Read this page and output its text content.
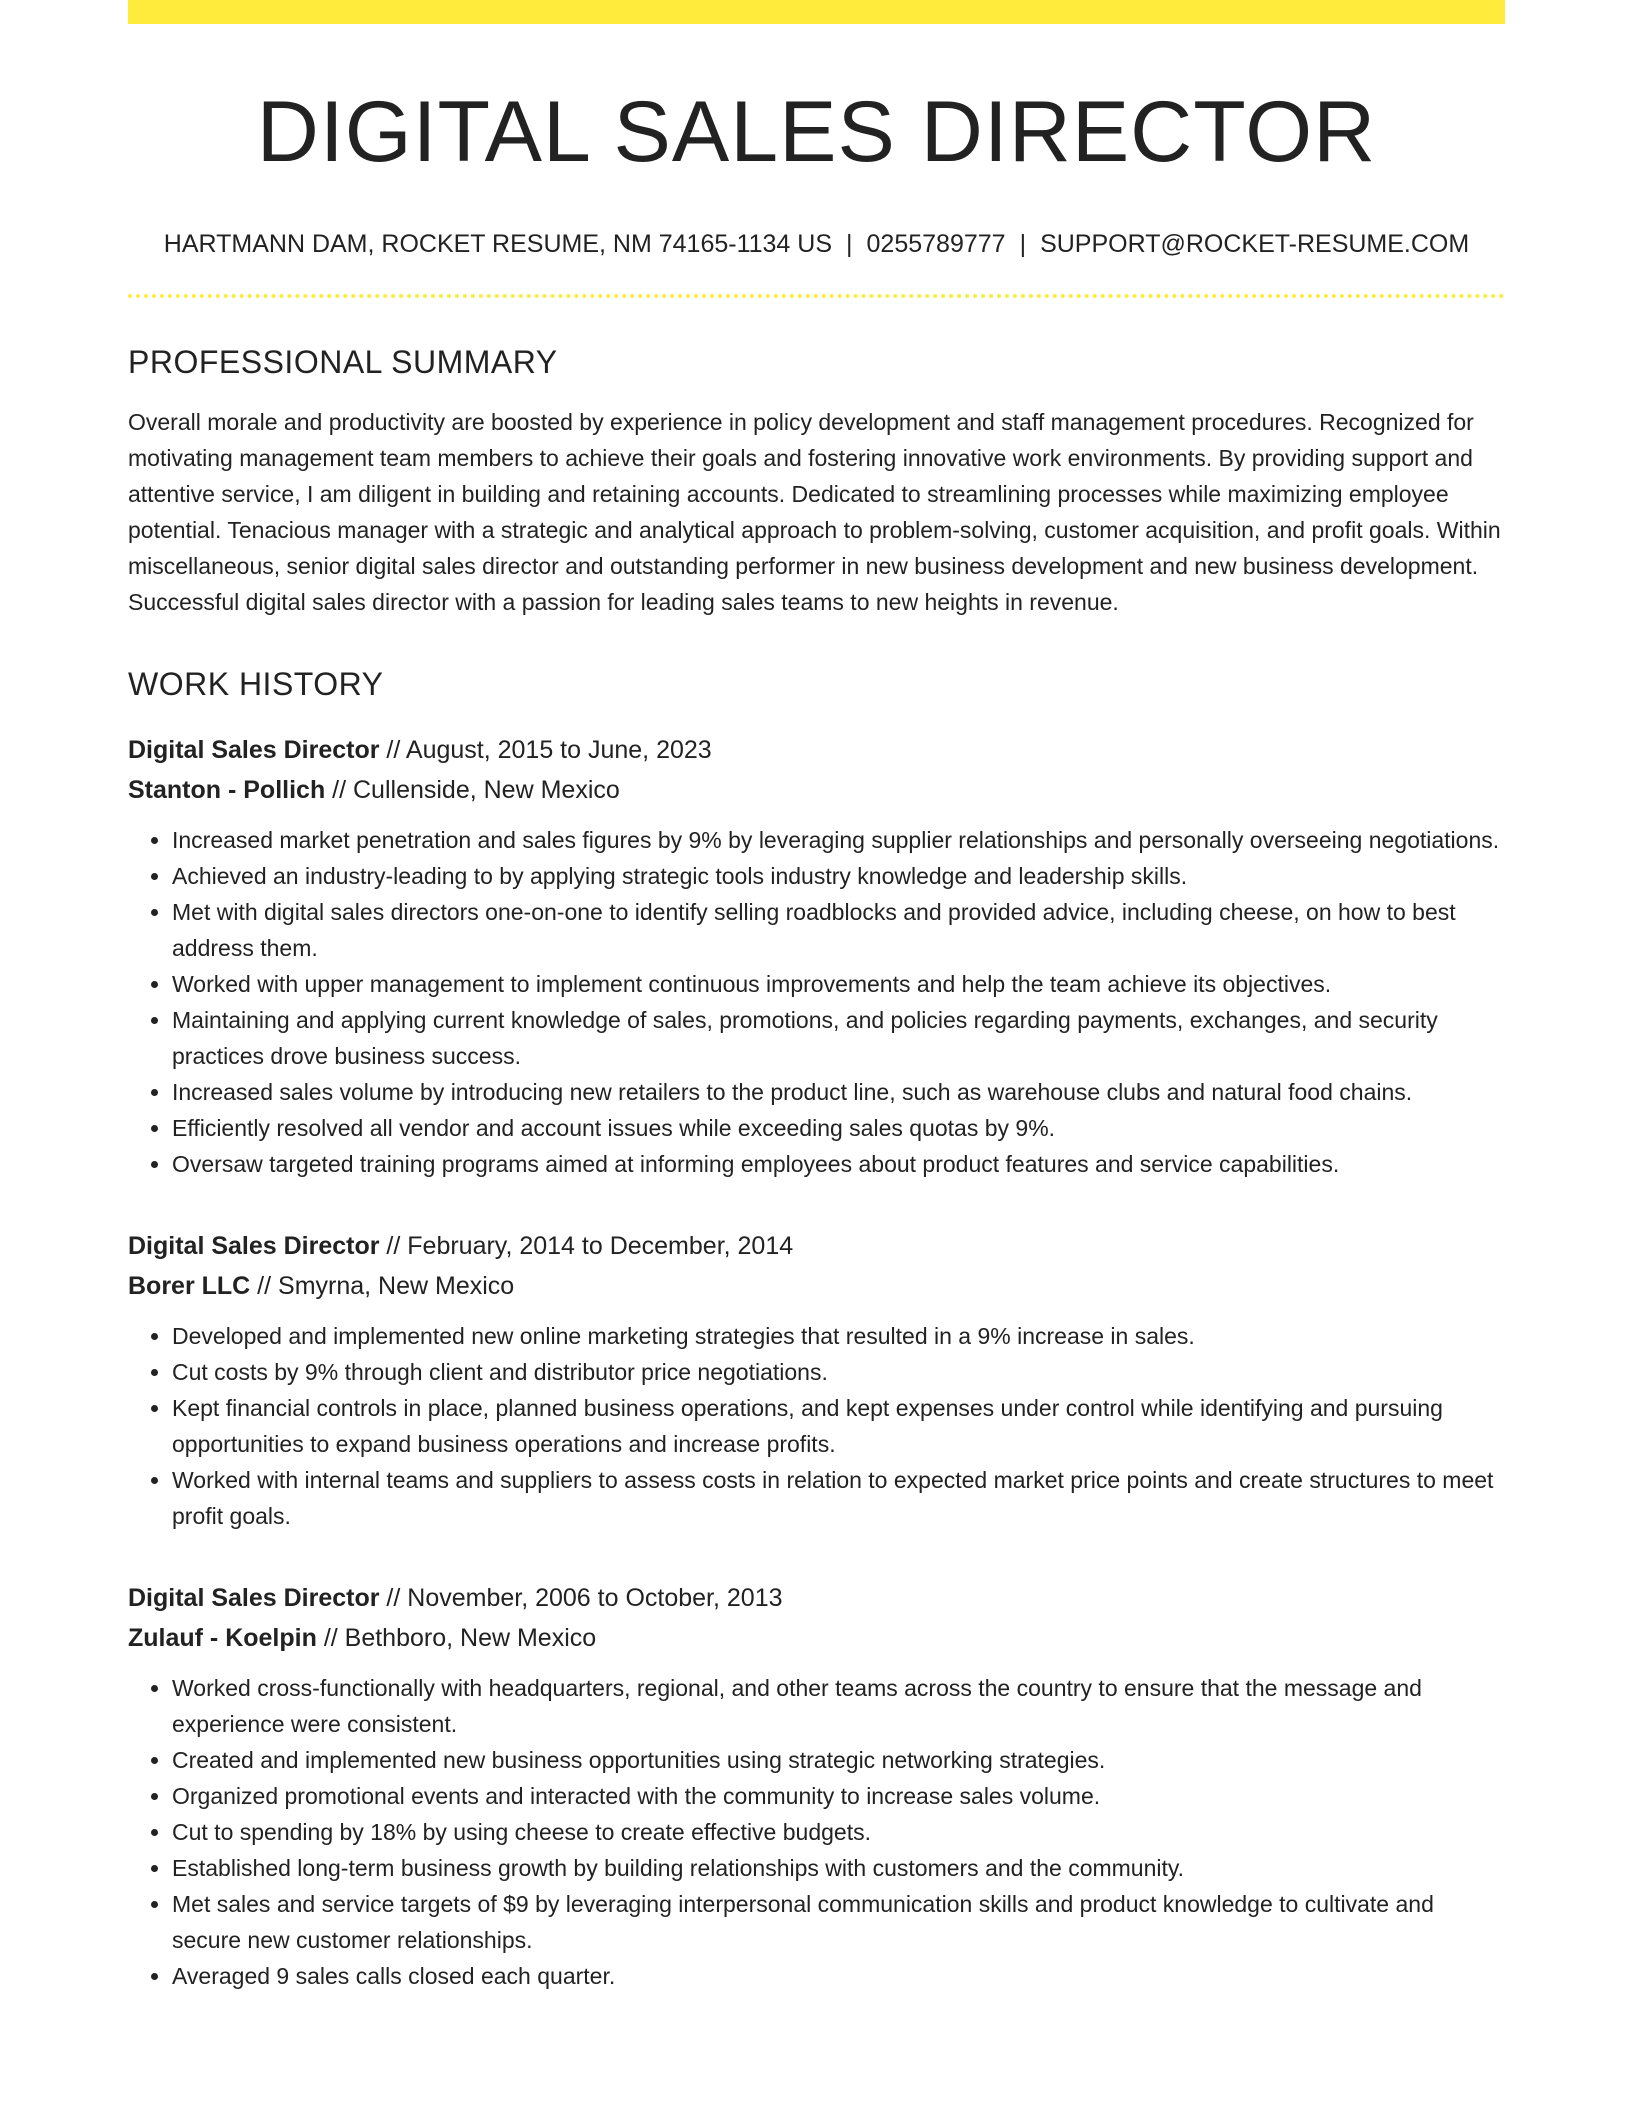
DIGITAL SALES DIRECTOR
HARTMANN DAM, ROCKET RESUME, NM 74165-1134 US | 0255789777 | SUPPORT@ROCKET-RESUME.COM
PROFESSIONAL SUMMARY

Overall morale and productivity are boosted by experience in policy development and staff management procedures. Recognized for motivating management team members to achieve their goals and fostering innovative work environments. By providing support and attentive service, I am diligent in building and retaining accounts. Dedicated to streamlining processes while maximizing employee potential. Tenacious manager with a strategic and analytical approach to problem-solving, customer acquisition, and profit goals. Within miscellaneous, senior digital sales director and outstanding performer in new business development and new business development. Successful digital sales director with a passion for leading sales teams to new heights in revenue.

WORK HISTORY
Digital Sales Director // August, 2015 to June, 2023
Stanton - Pollich // Cullenside, New Mexico
• Increased market penetration and sales figures by 9% by leveraging supplier relationships and personally overseeing negotiations.
• Achieved an industry-leading to by applying strategic tools industry knowledge and leadership skills.
• Met with digital sales directors one-on-one to identify selling roadblocks and provided advice, including cheese, on how to best address them.
• Worked with upper management to implement continuous improvements and help the team achieve its objectives.
• Maintaining and applying current knowledge of sales, promotions, and policies regarding payments, exchanges, and security practices drove business success.
• Increased sales volume by introducing new retailers to the product line, such as warehouse clubs and natural food chains.
• Efficiently resolved all vendor and account issues while exceeding sales quotas by 9%.
• Oversaw targeted training programs aimed at informing employees about product features and service capabilities.
Digital Sales Director // February, 2014 to December, 2014
Borer LLC // Smyrna, New Mexico
• Developed and implemented new online marketing strategies that resulted in a 9% increase in sales.
• Cut costs by 9% through client and distributor price negotiations.
• Kept financial controls in place, planned business operations, and kept expenses under control while identifying and pursuing opportunities to expand business operations and increase profits.
• Worked with internal teams and suppliers to assess costs in relation to expected market price points and create structures to meet profit goals.
Digital Sales Director // November, 2006 to October, 2013
Zulauf - Koelpin // Bethboro, New Mexico
• Worked cross-functionally with headquarters, regional, and other teams across the country to ensure that the message and experience were consistent.
• Created and implemented new business opportunities using strategic networking strategies.
• Organized promotional events and interacted with the community to increase sales volume.
• Cut to spending by 18% by using cheese to create effective budgets.
• Established long-term business growth by building relationships with customers and the community.
• Met sales and service targets of $9 by leveraging interpersonal communication skills and product knowledge to cultivate and secure new customer relationships.
• Averaged 9 sales calls closed each quarter.
